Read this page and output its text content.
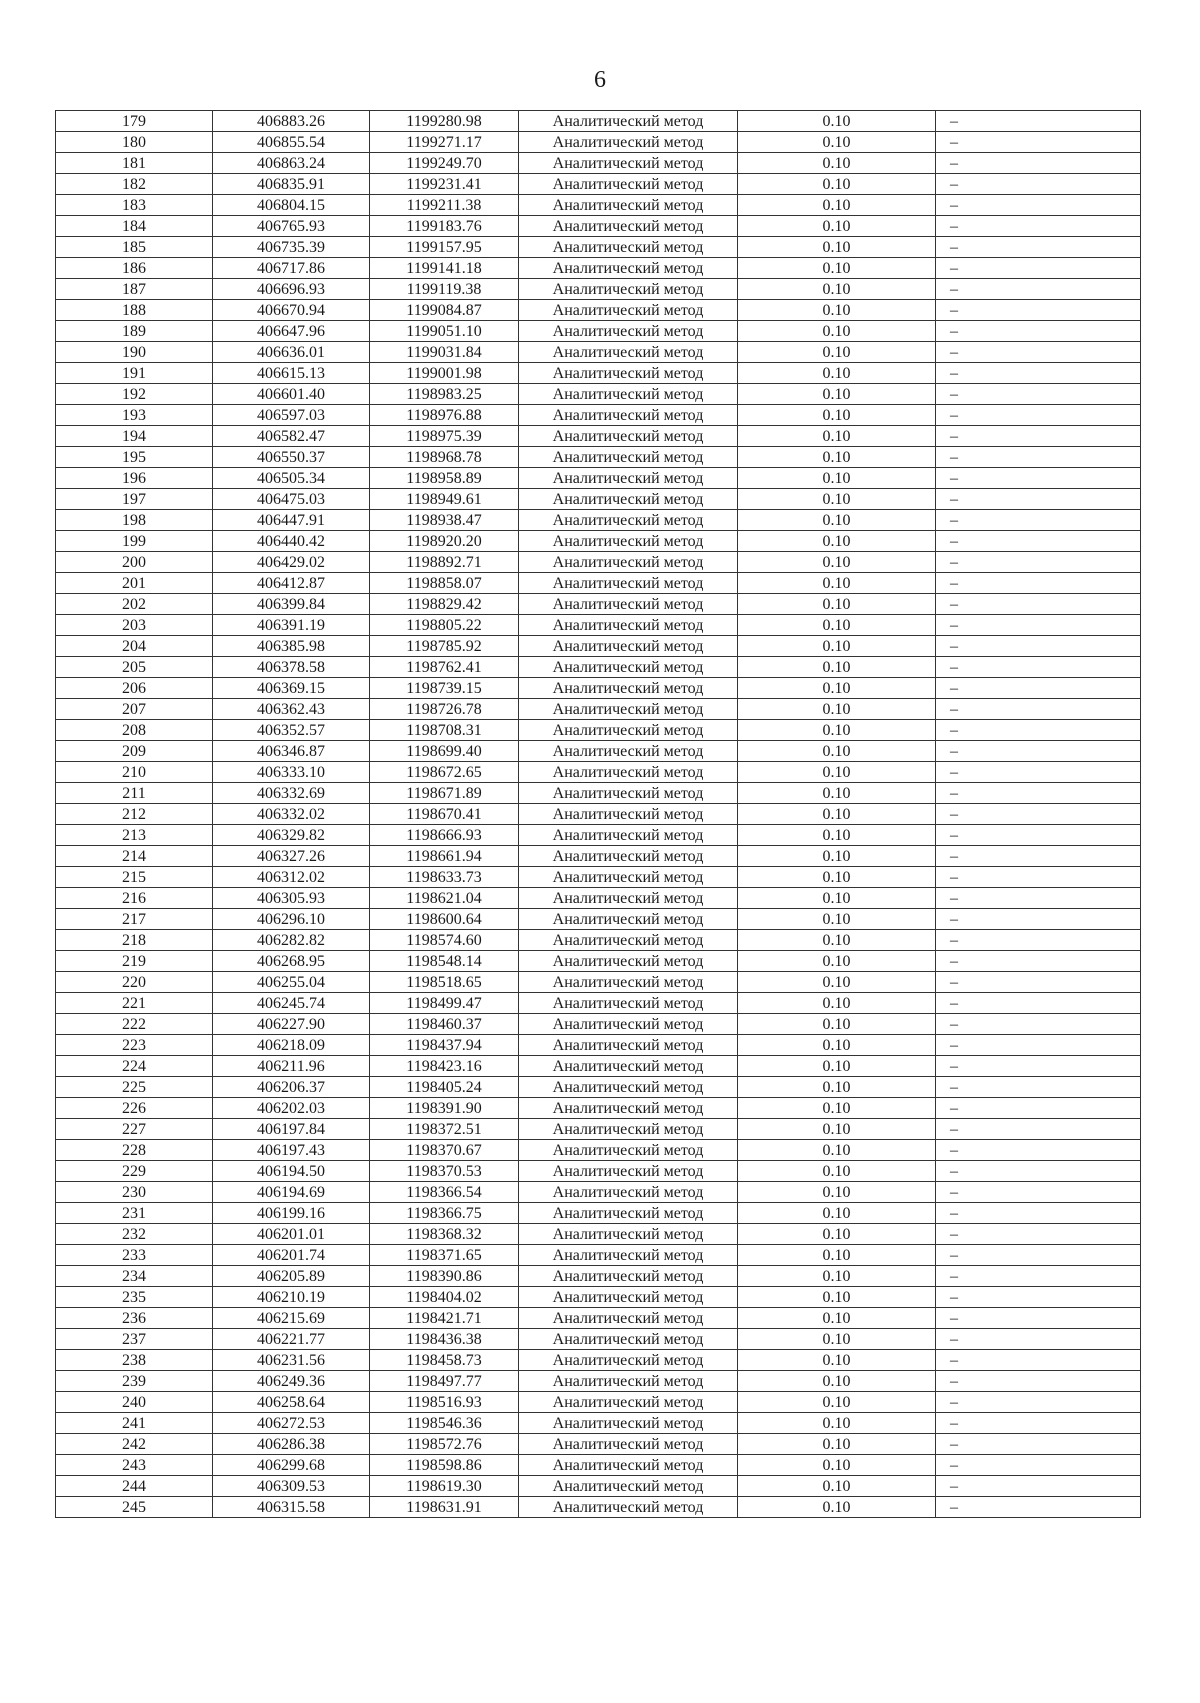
6
179	406883.26	1199280.98	Аналитический метод	0.10	–
180	406855.54	1199271.17	Аналитический метод	0.10	–
181	406863.24	1199249.70	Аналитический метод	0.10	–
182	406835.91	1199231.41	Аналитический метод	0.10	–
183	406804.15	1199211.38	Аналитический метод	0.10	–
184	406765.93	1199183.76	Аналитический метод	0.10	–
185	406735.39	1199157.95	Аналитический метод	0.10	–
186	406717.86	1199141.18	Аналитический метод	0.10	–
187	406696.93	1199119.38	Аналитический метод	0.10	–
188	406670.94	1199084.87	Аналитический метод	0.10	–
189	406647.96	1199051.10	Аналитический метод	0.10	–
190	406636.01	1199031.84	Аналитический метод	0.10	–
191	406615.13	1199001.98	Аналитический метод	0.10	–
192	406601.40	1198983.25	Аналитический метод	0.10	–
193	406597.03	1198976.88	Аналитический метод	0.10	–
194	406582.47	1198975.39	Аналитический метод	0.10	–
195	406550.37	1198968.78	Аналитический метод	0.10	–
196	406505.34	1198958.89	Аналитический метод	0.10	–
197	406475.03	1198949.61	Аналитический метод	0.10	–
198	406447.91	1198938.47	Аналитический метод	0.10	–
199	406440.42	1198920.20	Аналитический метод	0.10	–
200	406429.02	1198892.71	Аналитический метод	0.10	–
201	406412.87	1198858.07	Аналитический метод	0.10	–
202	406399.84	1198829.42	Аналитический метод	0.10	–
203	406391.19	1198805.22	Аналитический метод	0.10	–
204	406385.98	1198785.92	Аналитический метод	0.10	–
205	406378.58	1198762.41	Аналитический метод	0.10	–
206	406369.15	1198739.15	Аналитический метод	0.10	–
207	406362.43	1198726.78	Аналитический метод	0.10	–
208	406352.57	1198708.31	Аналитический метод	0.10	–
209	406346.87	1198699.40	Аналитический метод	0.10	–
210	406333.10	1198672.65	Аналитический метод	0.10	–
211	406332.69	1198671.89	Аналитический метод	0.10	–
212	406332.02	1198670.41	Аналитический метод	0.10	–
213	406329.82	1198666.93	Аналитический метод	0.10	–
214	406327.26	1198661.94	Аналитический метод	0.10	–
215	406312.02	1198633.73	Аналитический метод	0.10	–
216	406305.93	1198621.04	Аналитический метод	0.10	–
217	406296.10	1198600.64	Аналитический метод	0.10	–
218	406282.82	1198574.60	Аналитический метод	0.10	–
219	406268.95	1198548.14	Аналитический метод	0.10	–
220	406255.04	1198518.65	Аналитический метод	0.10	–
221	406245.74	1198499.47	Аналитический метод	0.10	–
222	406227.90	1198460.37	Аналитический метод	0.10	–
223	406218.09	1198437.94	Аналитический метод	0.10	–
224	406211.96	1198423.16	Аналитический метод	0.10	–
225	406206.37	1198405.24	Аналитический метод	0.10	–
226	406202.03	1198391.90	Аналитический метод	0.10	–
227	406197.84	1198372.51	Аналитический метод	0.10	–
228	406197.43	1198370.67	Аналитический метод	0.10	–
229	406194.50	1198370.53	Аналитический метод	0.10	–
230	406194.69	1198366.54	Аналитический метод	0.10	–
231	406199.16	1198366.75	Аналитический метод	0.10	–
232	406201.01	1198368.32	Аналитический метод	0.10	–
233	406201.74	1198371.65	Аналитический метод	0.10	–
234	406205.89	1198390.86	Аналитический метод	0.10	–
235	406210.19	1198404.02	Аналитический метод	0.10	–
236	406215.69	1198421.71	Аналитический метод	0.10	–
237	406221.77	1198436.38	Аналитический метод	0.10	–
238	406231.56	1198458.73	Аналитический метод	0.10	–
239	406249.36	1198497.77	Аналитический метод	0.10	–
240	406258.64	1198516.93	Аналитический метод	0.10	–
241	406272.53	1198546.36	Аналитический метод	0.10	–
242	406286.38	1198572.76	Аналитический метод	0.10	–
243	406299.68	1198598.86	Аналитический метод	0.10	–
244	406309.53	1198619.30	Аналитический метод	0.10	–
245	406315.58	1198631.91	Аналитический метод	0.10	–
